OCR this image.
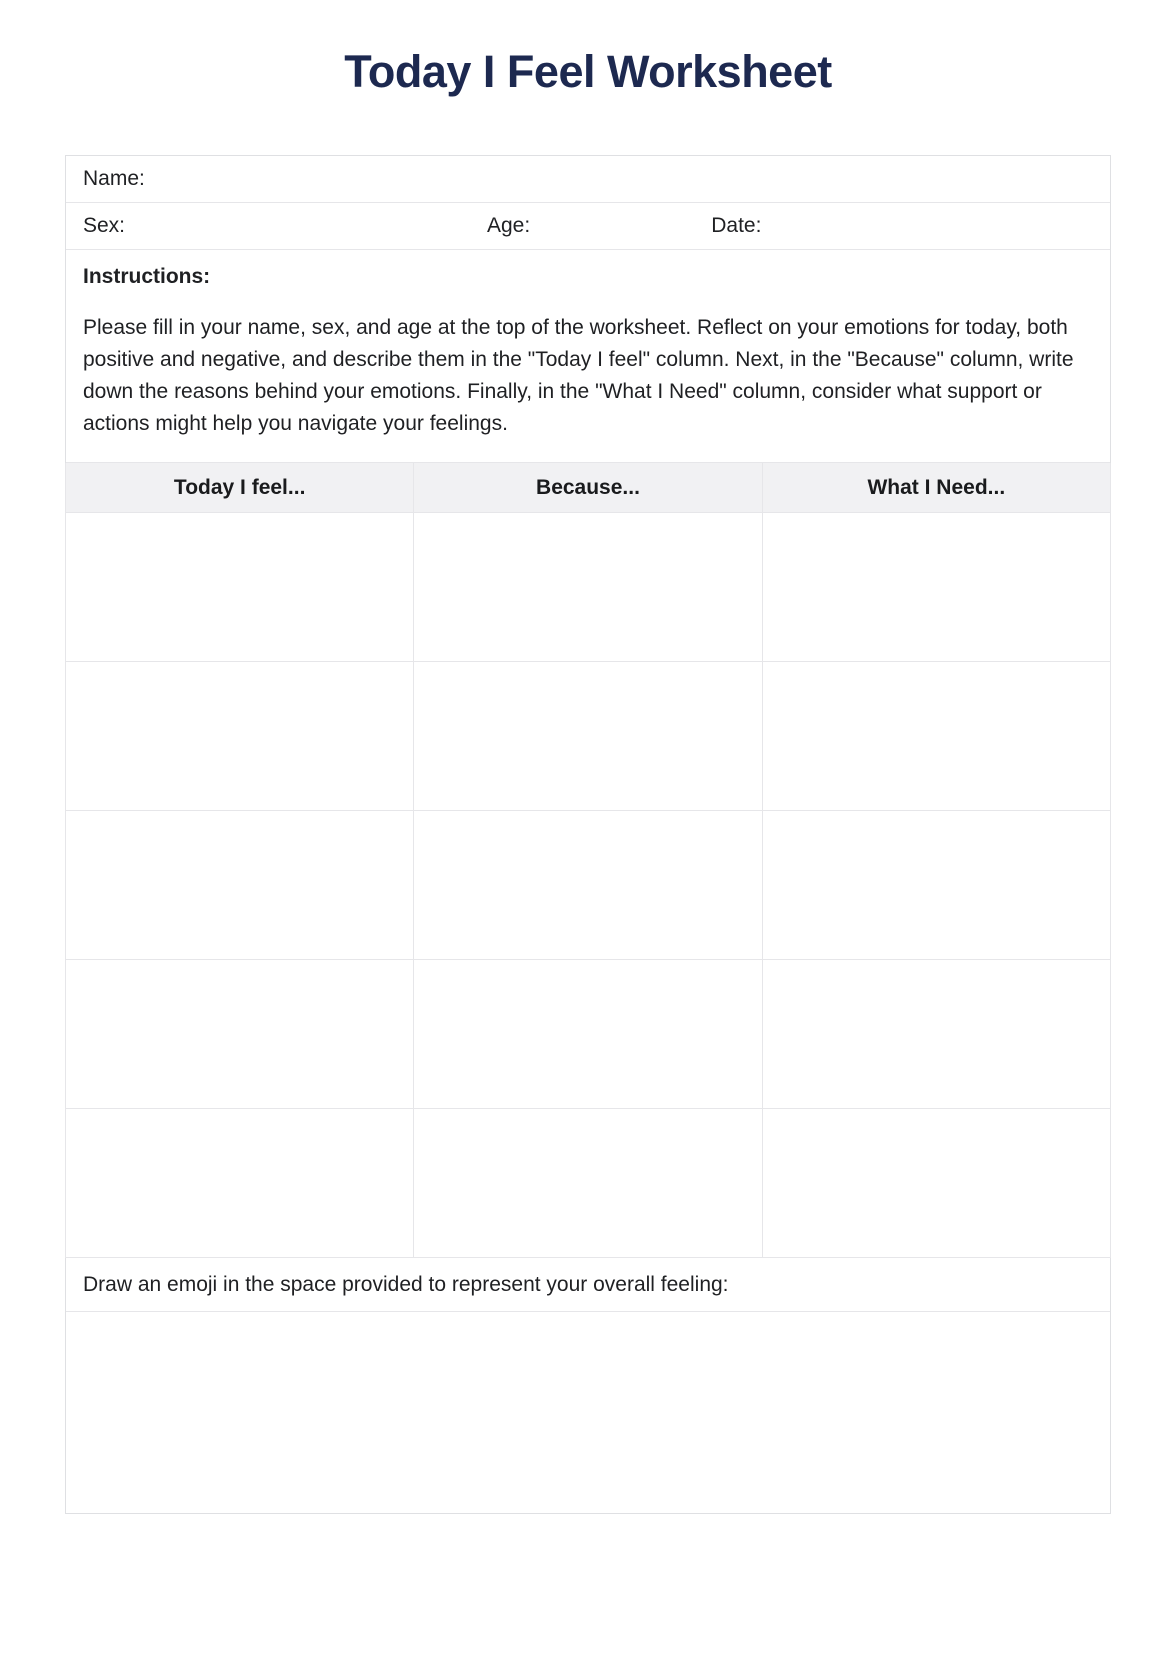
Today I Feel Worksheet
Name:
Sex:	Age:	Date:

Instructions:

Please fill in your name, sex, and age at the top of the worksheet. Reflect on your emotions for today, both positive and negative, and describe them in the "Today I feel" column. Next, in the "Because" column, write down the reasons behind your emotions. Finally, in the "What I Need" column, consider what support or actions might help you navigate your feelings.

Today I feel...	Because...	What I Need...

Draw an emoji in the space provided to represent your overall feeling:
